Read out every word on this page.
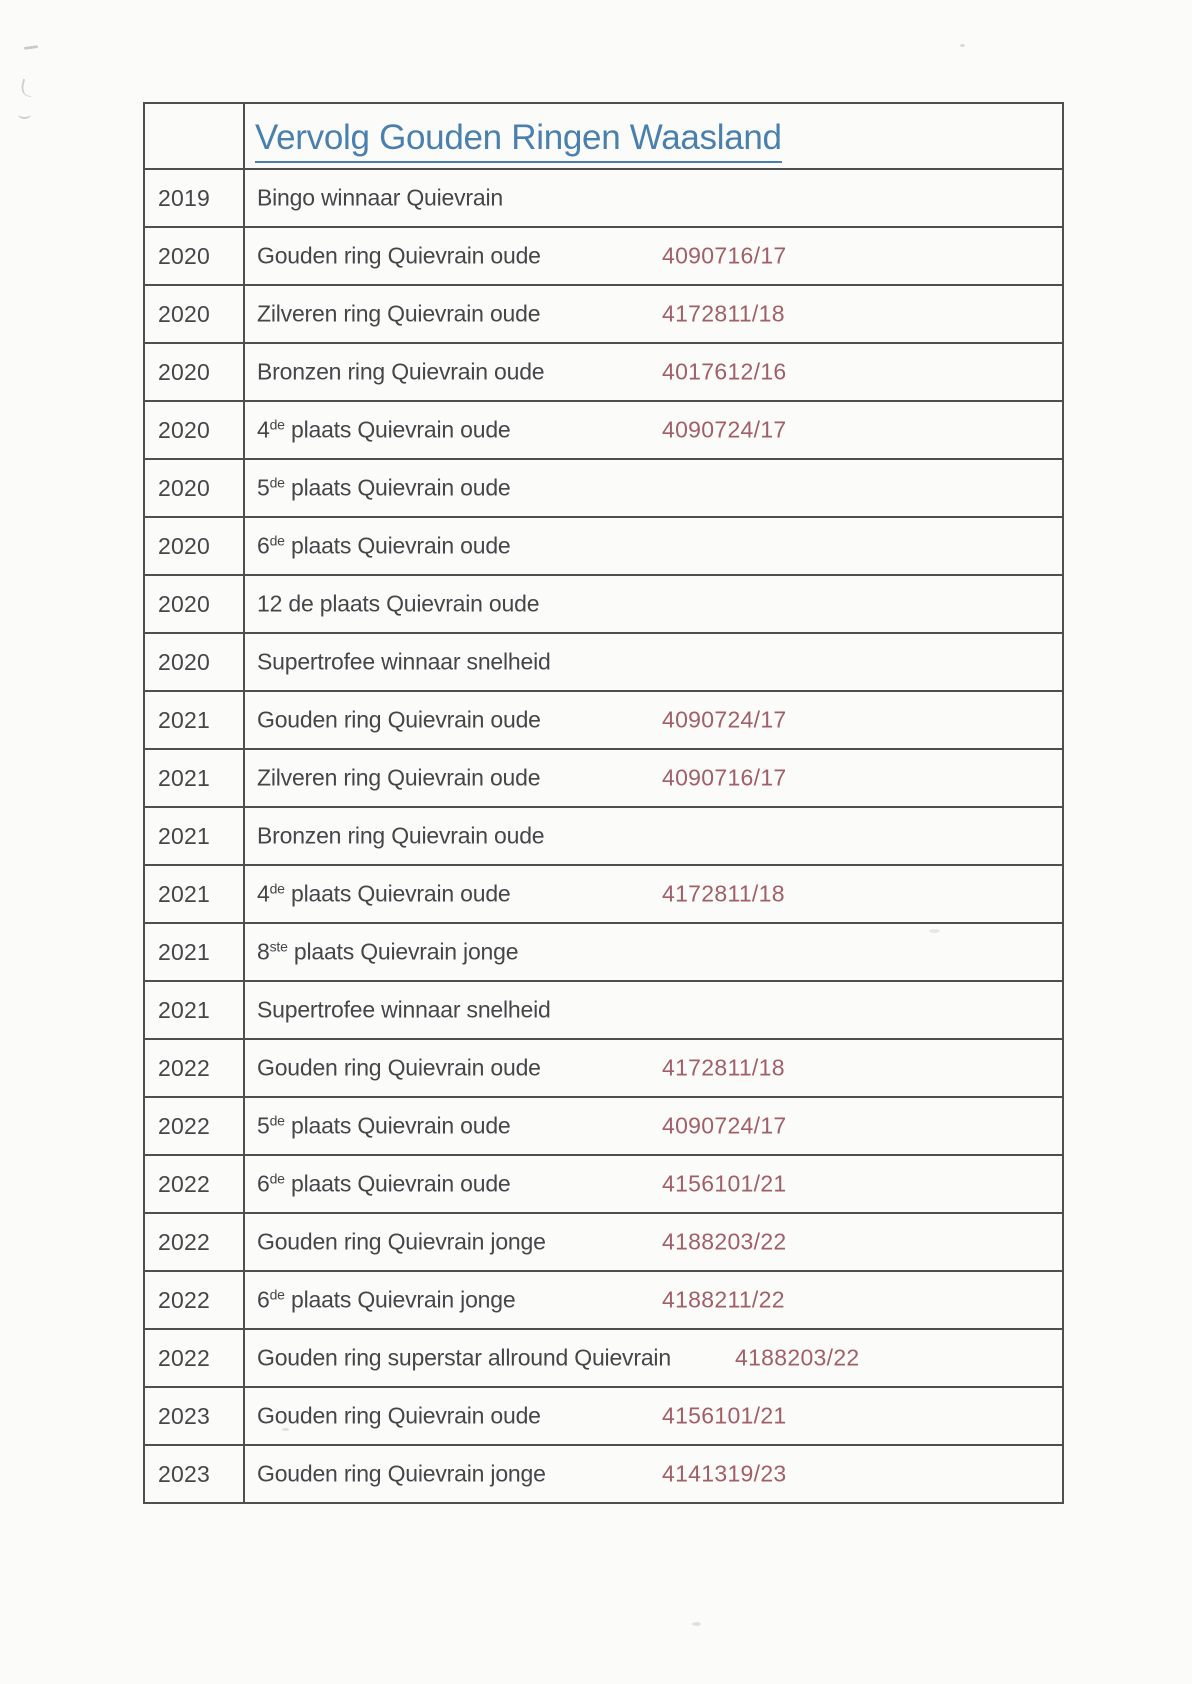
Vervolg Gouden Ringen Waasland
2019	Bingo winnaar Quievrain
2020	Gouden ring Quievrain oude	4090716/17
2020	Zilveren ring Quievrain oude	4172811/18
2020	Bronzen ring Quievrain oude	4017612/16
2020	4de plaats Quievrain oude	4090724/17
2020	5de plaats Quievrain oude
2020	6de plaats Quievrain oude
2020	12 de plaats Quievrain oude
2020	Supertrofee winnaar snelheid
2021	Gouden ring Quievrain oude	4090724/17
2021	Zilveren ring Quievrain oude	4090716/17
2021	Bronzen ring Quievrain oude
2021	4de plaats Quievrain oude	4172811/18
2021	8ste plaats Quievrain jonge
2021	Supertrofee winnaar snelheid
2022	Gouden ring Quievrain oude	4172811/18
2022	5de plaats Quievrain oude	4090724/17
2022	6de plaats Quievrain oude	4156101/21
2022	Gouden ring Quievrain jonge	4188203/22
2022	6de plaats Quievrain jonge	4188211/22
2022	Gouden ring superstar allround Quievrain	4188203/22
2023	Gouden ring Quievrain oude	4156101/21
2023	Gouden ring Quievrain jonge	4141319/23
